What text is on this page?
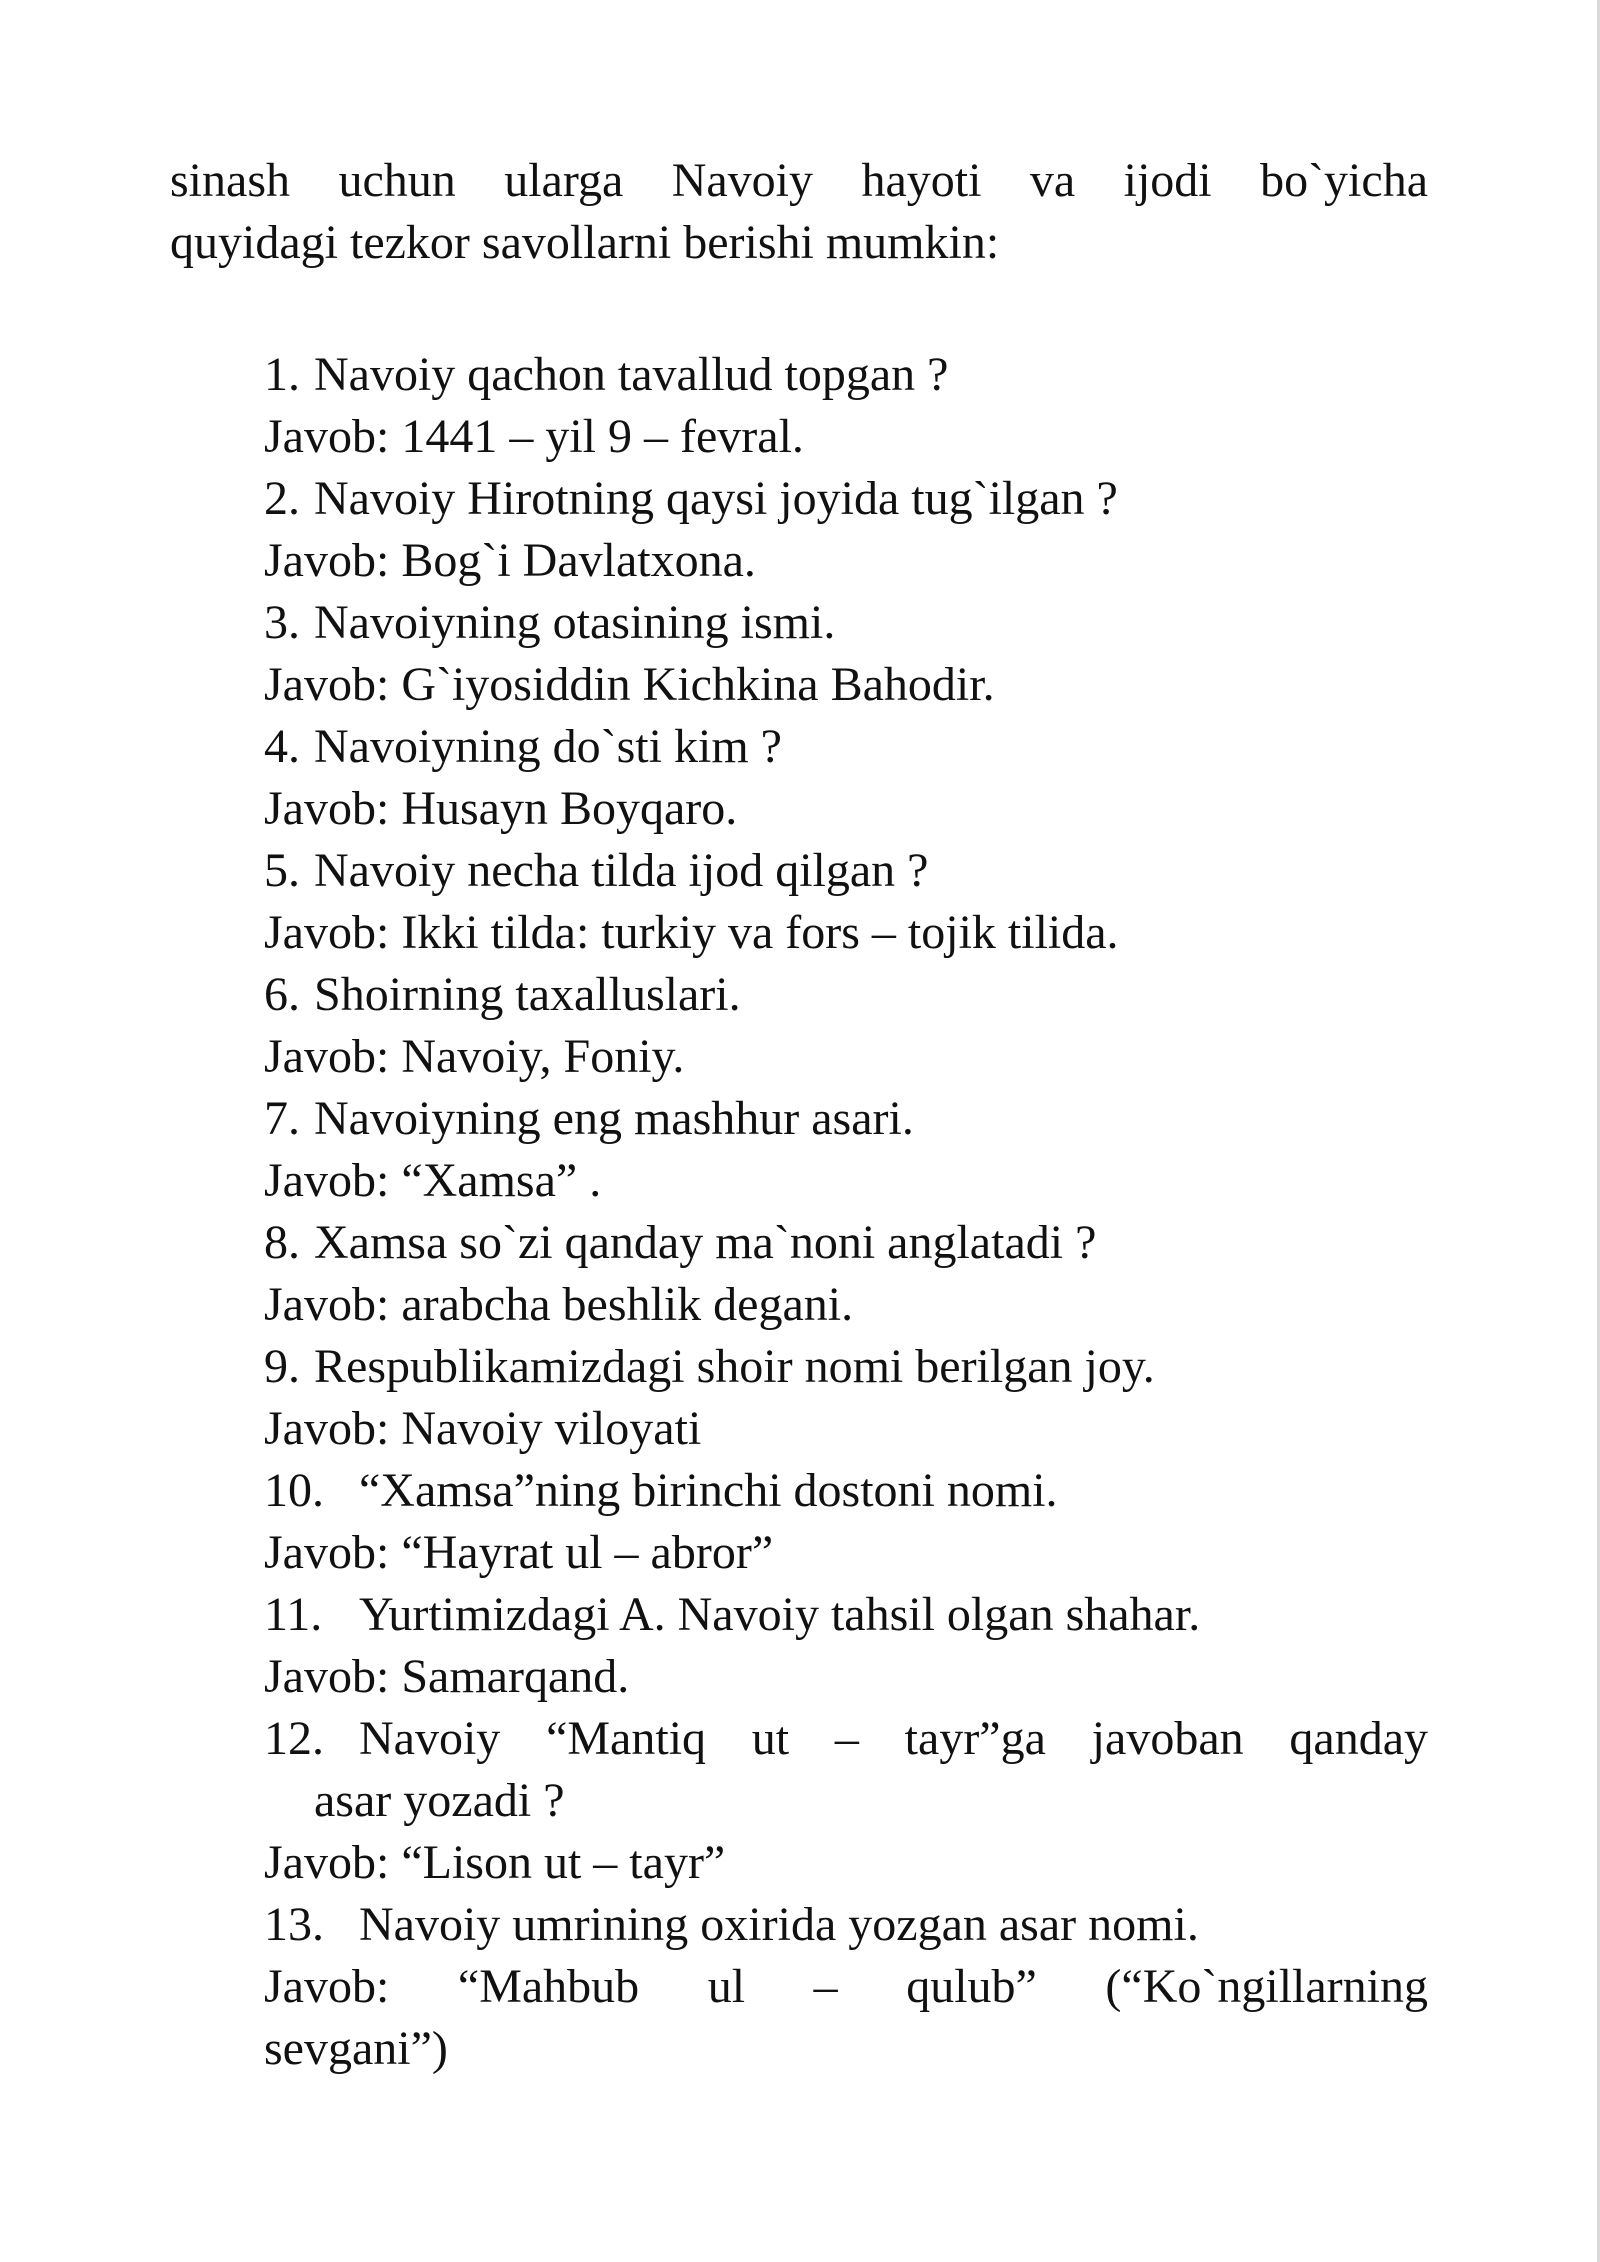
sinash uchun ularga Navoiy hayoti va ijodi bo`yicha
quyidagi tezkor savollarni berishi mumkin:

1. Navoiy qachon tavallud topgan ?
Javob: 1441 – yil 9 – fevral.
2. Navoiy Hirotning qaysi joyida tug`ilgan ?
Javob: Bog`i Davlatxona.
3. Navoiyning otasining ismi.
Javob: G`iyosiddin Kichkina Bahodir.
4. Navoiyning do`sti kim ?
Javob: Husayn Boyqaro.
5. Navoiy necha tilda ijod qilgan ?
Javob: Ikki tilda: turkiy va fors – tojik tilida.
6. Shoirning taxalluslari.
Javob: Navoiy, Foniy.
7. Navoiyning eng mashhur asari.
Javob: “Xamsa” .
8. Xamsa so`zi qanday ma`noni anglatadi ?
Javob: arabcha beshlik degani.
9. Respublikamizdagi shoir nomi berilgan joy.
Javob: Navoiy viloyati
10. “Xamsa”ning birinchi dostoni nomi.
Javob: “Hayrat ul – abror”
11. Yurtimizdagi A. Navoiy tahsil olgan shahar.
Javob: Samarqand.
12. Navoiy “Mantiq ut – tayr”ga javoban qanday
asar yozadi ?
Javob: “Lison ut – tayr”
13. Navoiy umrining oxirida yozgan asar nomi.
Javob: “Mahbub ul – qulub” (“Ko`ngillarning
sevgani”)
